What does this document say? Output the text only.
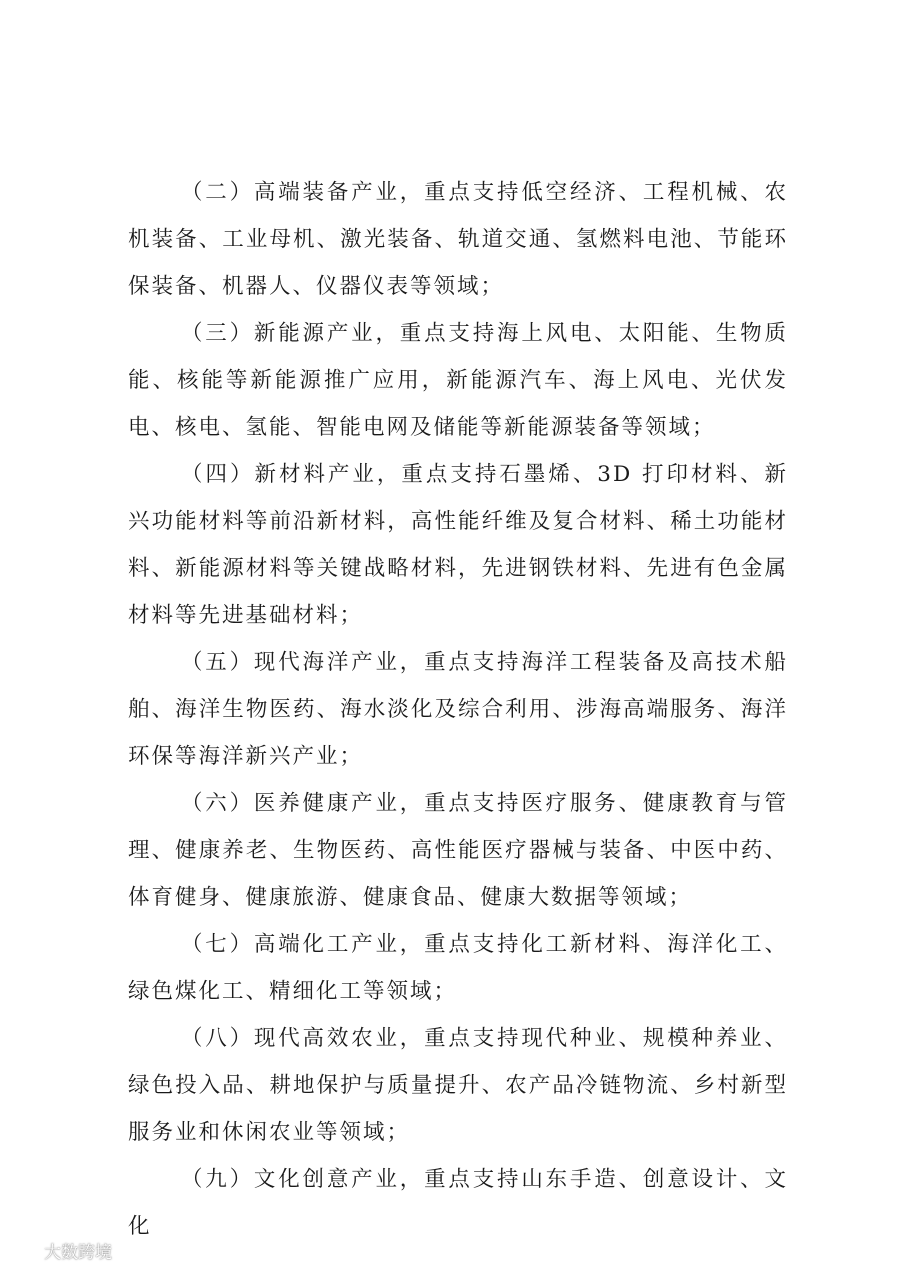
（二）高端装备产业，重点支持低空经济、工程机械、农机装备、工业母机、激光装备、轨道交通、氢燃料电池、节能环保装备、机器人、仪器仪表等领域；

（三）新能源产业，重点支持海上风电、太阳能、生物质能、核能等新能源推广应用，新能源汽车、海上风电、光伏发电、核电、氢能、智能电网及储能等新能源装备等领域；

（四）新材料产业，重点支持石墨烯、3D 打印材料、新兴功能材料等前沿新材料，高性能纤维及复合材料、稀土功能材料、新能源材料等关键战略材料，先进钢铁材料、先进有色金属材料等先进基础材料；

（五）现代海洋产业，重点支持海洋工程装备及高技术船舶、海洋生物医药、海水淡化及综合利用、涉海高端服务、海洋环保等海洋新兴产业；

（六）医养健康产业，重点支持医疗服务、健康教育与管理、健康养老、生物医药、高性能医疗器械与装备、中医中药、体育健身、健康旅游、健康食品、健康大数据等领域；

（七）高端化工产业，重点支持化工新材料、海洋化工、绿色煤化工、精细化工等领域；

（八）现代高效农业，重点支持现代种业、规模种养业、绿色投入品、耕地保护与质量提升、农产品冷链物流、乡村新型服务业和休闲农业等领域；

（九）文化创意产业，重点支持山东手造、创意设计、文化

大数跨境
